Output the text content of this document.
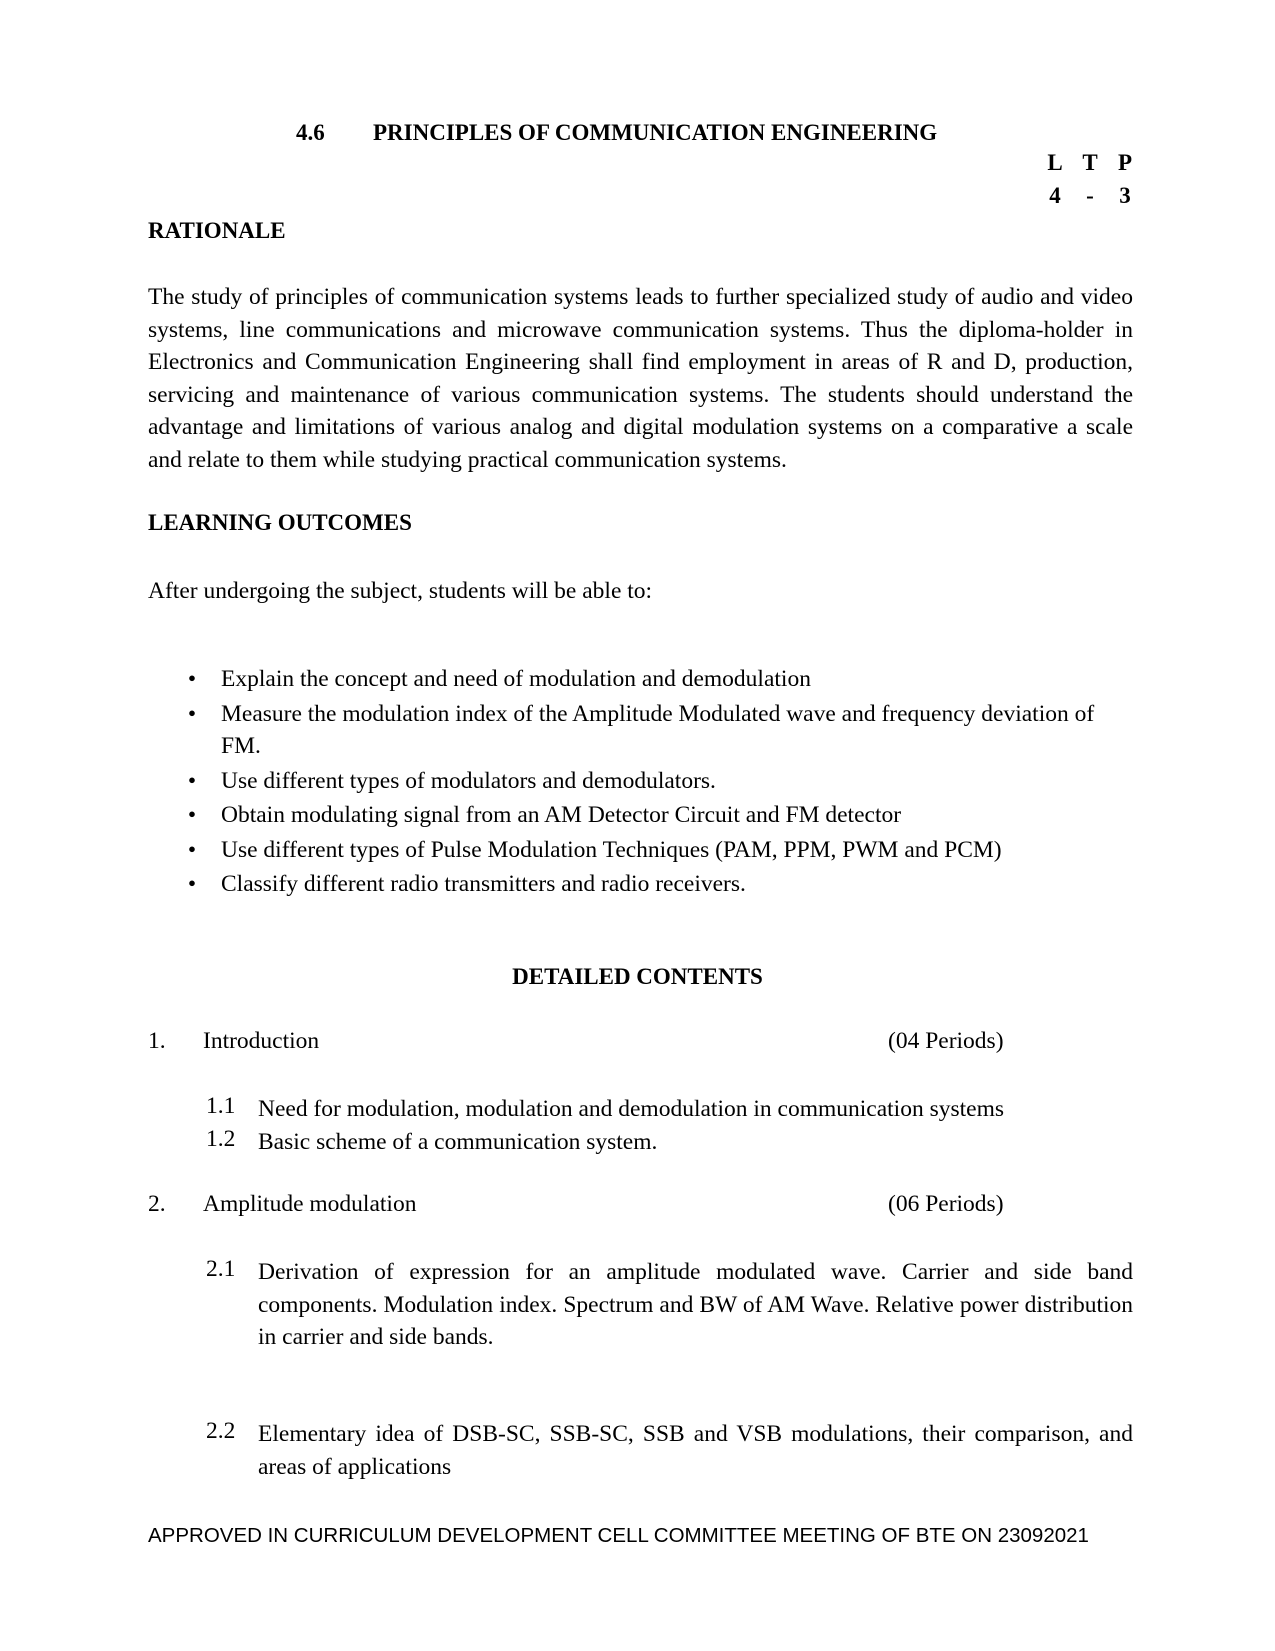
4.6 PRINCIPLES OF COMMUNICATION ENGINEERING
L T P
4	-	3
RATIONALE
The study of principles of communication systems leads to further specialized study of audio and video systems, line communications and microwave communication systems. Thus the diploma-holder in Electronics and Communication Engineering shall find employment in areas of R and D, production, servicing and maintenance of various communication systems. The students should understand the advantage and limitations of various analog and digital modulation systems on a comparative a scale and relate to them while studying practical communication systems.
LEARNING OUTCOMES
After undergoing the subject, students will be able to:
• Explain the concept and need of modulation and demodulation
• Measure the modulation index of the Amplitude Modulated wave and frequency deviation of FM.
• Use different types of modulators and demodulators.
• Obtain modulating signal from an AM Detector Circuit and FM detector
• Use different types of Pulse Modulation Techniques (PAM, PPM, PWM and PCM)
• Classify different radio transmitters and radio receivers.
DETAILED CONTENTS
1. Introduction	(04 Periods)
1.1 Need for modulation, modulation and demodulation in communication systems
1.2 Basic scheme of a communication system.
2. Amplitude modulation	(06 Periods)
2.1 Derivation of expression for an amplitude modulated wave. Carrier and side band components. Modulation index. Spectrum and BW of AM Wave. Relative power distribution in carrier and side bands.
2.2 Elementary idea of DSB-SC, SSB-SC, SSB and VSB modulations, their comparison, and areas of applications
APPROVED IN CURRICULUM DEVELOPMENT CELL COMMITTEE MEETING OF BTE ON 23092021
